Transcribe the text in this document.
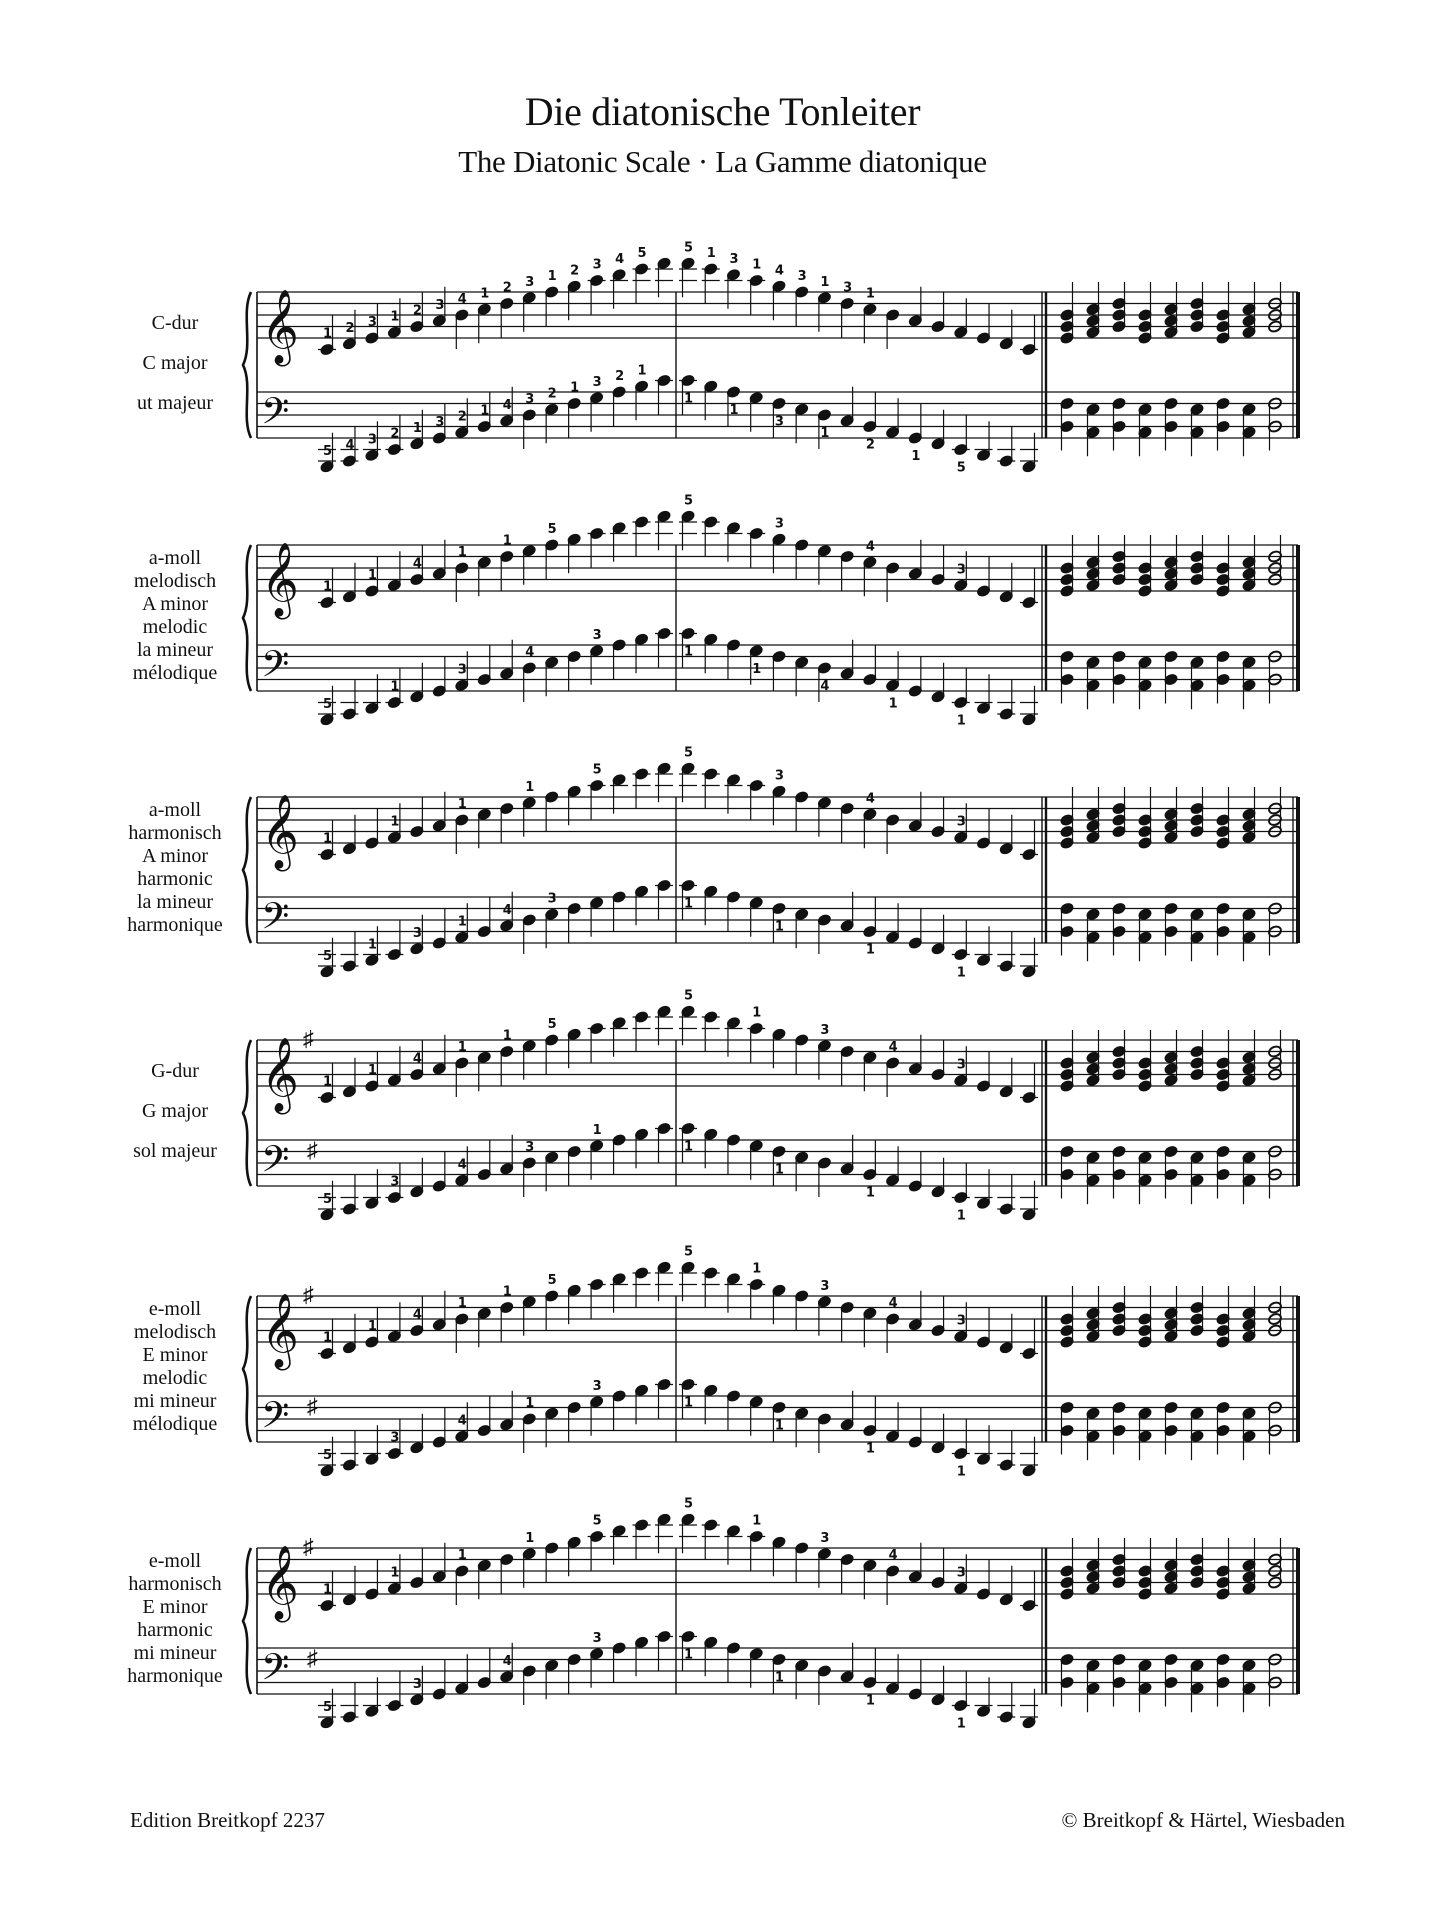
Die diatonische Tonleiter
The Diatonic Scale · La Gamme diatonique
C-dur
C major
ut majeur
𝄞
𝄢
1 2 3 1 2 3 4 1 2 3 1 2 3 4 5	5 1 3 1 4 3 1 3 1
5 4 3 2 1 3 2 1 4 3 2 1 3 2 1
1
1
3
1
2
1
5
a-moll
melodisch
A minor
melodic
la mineur
mélodique
𝄞
𝄢
1
1
4
1
1
5
5
3
4
3
5
1
3
4
3
1
1
4
1
1
a-moll
harmonisch
A minor
harmonic
la mineur
harmonique
𝄞
𝄢
1
1
1
1
5
5
3
4
3
5
1
3
1
4
3	1
1
1
1
G-dur
G major
sol majeur
𝄞
𝄢
♯
♯
1
1
4
1
1
5
5
1
3
4
3
5
3
4
3
1
1
1
1
1
e-moll
melodisch
E minor
melodic
mi mineur
mélodique
𝄞
𝄢
♯
♯
1
1
4
1
1
5
5
1
3
4
3
5
3
4
1
3
1
1
1
1
e-moll
harmonisch
E minor
harmonic
mi mineur
harmonique
𝄞
𝄢
♯
♯
1
1
1
1
5
5
1
3
4
3
5
3
4
3
1
1
1
1
Edition Breitkopf 2237	© Breitkopf & Härtel, Wiesbaden
